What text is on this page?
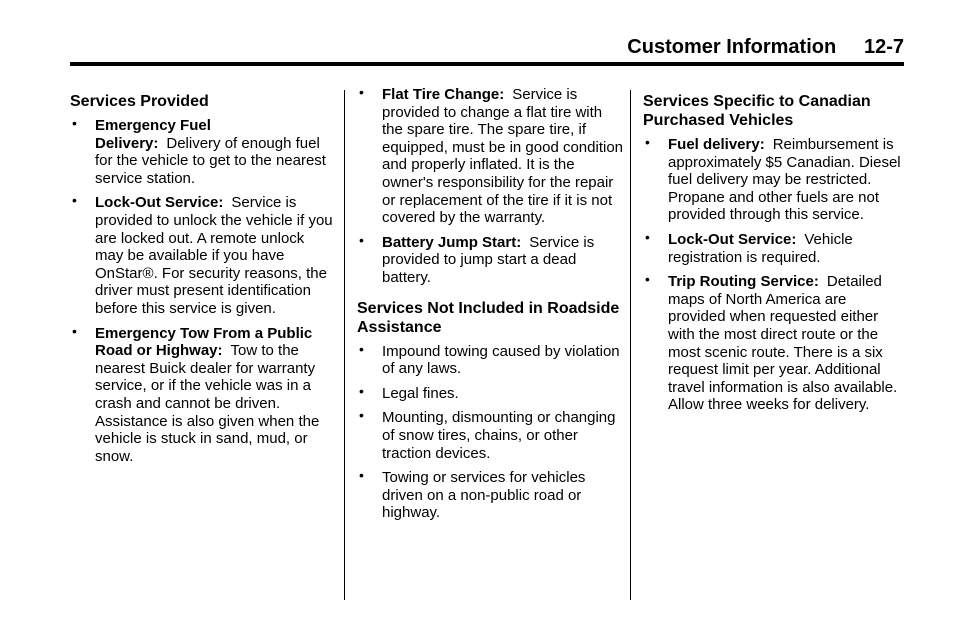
Customer Information     12-7
Services Provided
• Emergency Fuel Delivery: Delivery of enough fuel for the vehicle to get to the nearest service station.
• Lock-Out Service: Service is provided to unlock the vehicle if you are locked out. A remote unlock may be available if you have OnStar®. For security reasons, the driver must present identification before this service is given.
• Emergency Tow From a Public Road or Highway: Tow to the nearest Buick dealer for warranty service, or if the vehicle was in a crash and cannot be driven. Assistance is also given when the vehicle is stuck in sand, mud, or snow.
• Flat Tire Change: Service is provided to change a flat tire with the spare tire. The spare tire, if equipped, must be in good condition and properly inflated. It is the owner's responsibility for the repair or replacement of the tire if it is not covered by the warranty.
• Battery Jump Start: Service is provided to jump start a dead battery.
Services Not Included in Roadside Assistance
• Impound towing caused by violation of any laws.
• Legal fines.
• Mounting, dismounting or changing of snow tires, chains, or other traction devices.
• Towing or services for vehicles driven on a non-public road or highway.
Services Specific to Canadian Purchased Vehicles
• Fuel delivery: Reimbursement is approximately $5 Canadian. Diesel fuel delivery may be restricted. Propane and other fuels are not provided through this service.
• Lock-Out Service: Vehicle registration is required.
• Trip Routing Service: Detailed maps of North America are provided when requested either with the most direct route or the most scenic route. There is a six request limit per year. Additional travel information is also available. Allow three weeks for delivery.
